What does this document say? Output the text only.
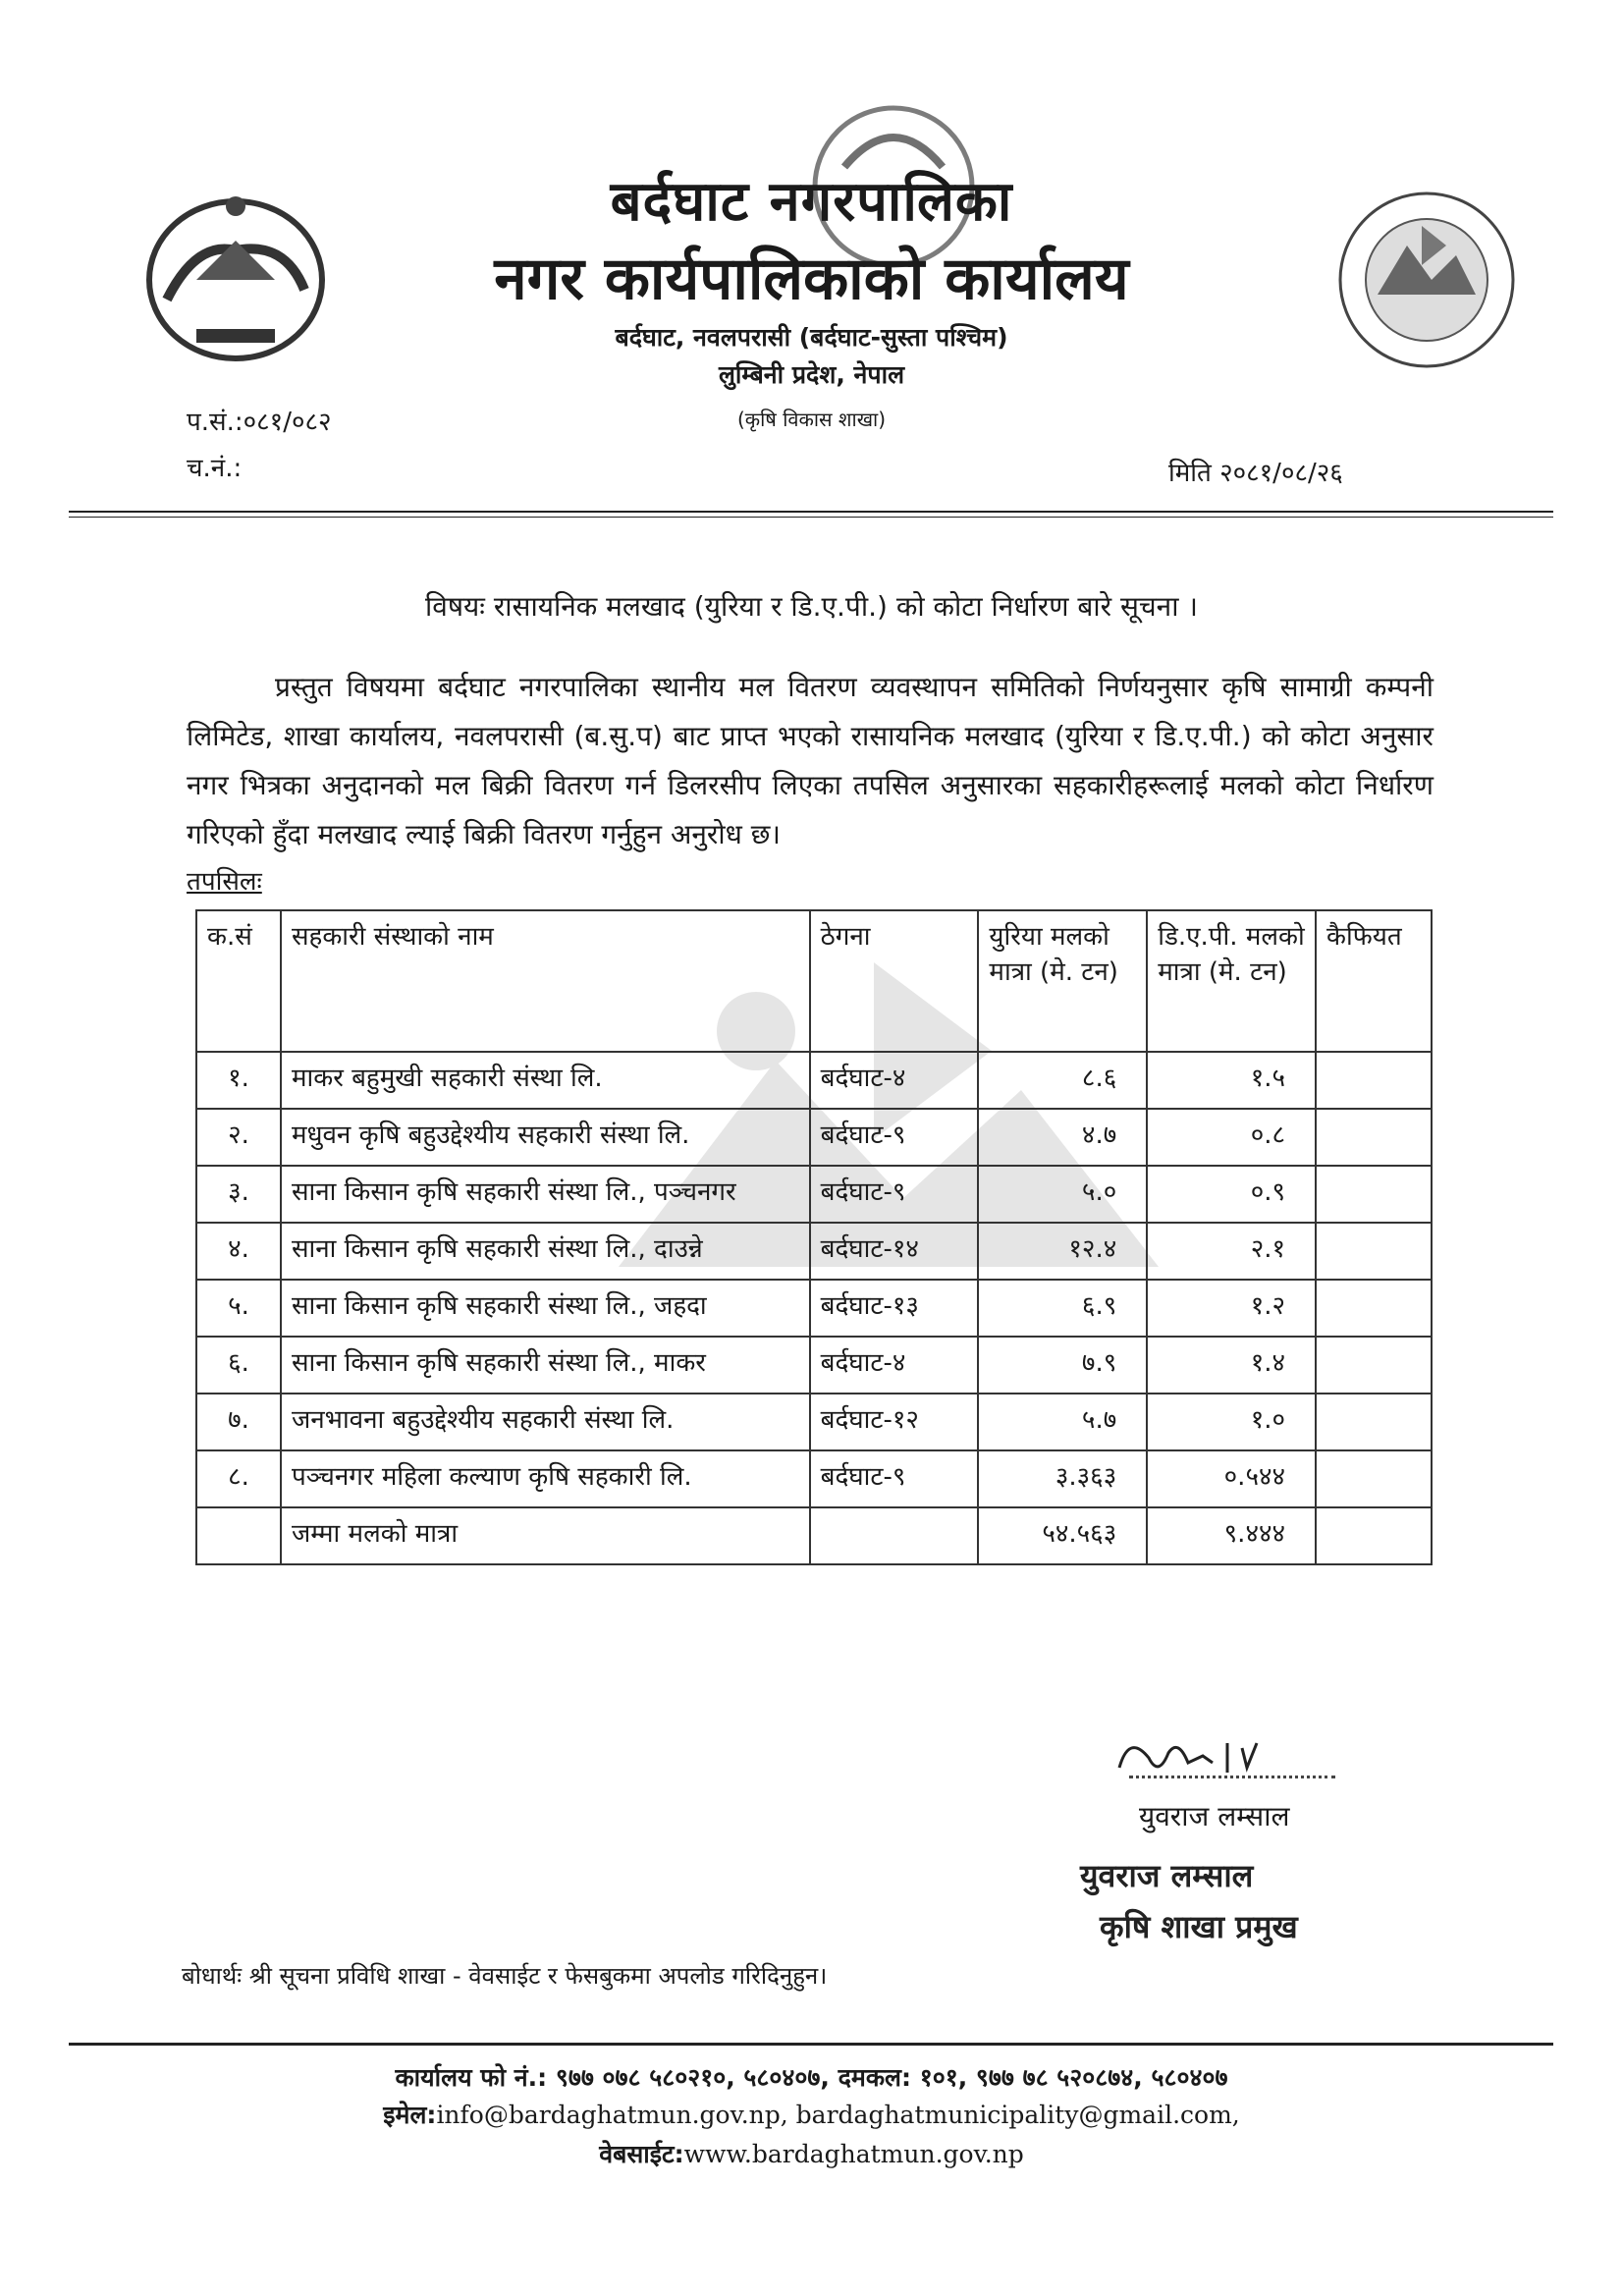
बर्दघाट नगरपालिका
नगर कार्यपालिकाको कार्यालय
बर्दघाट, नवलपरासी (बर्दघाट-सुस्ता पश्चिम)
लुम्बिनी प्रदेश, नेपाल
(कृषि विकास शाखा)
प.सं.:०८१/०८२
च.नं.:	मिति २०८१/०८/२६
विषयः रासायनिक मलखाद (युरिया र डि.ए.पी.) को कोटा निर्धारण बारे सूचना ।
प्रस्तुत विषयमा बर्दघाट नगरपालिका स्थानीय मल वितरण व्यवस्थापन समितिको निर्णयनुसार कृषि सामाग्री कम्पनी लिमिटेड, शाखा कार्यालय, नवलपरासी (ब.सु.प) बाट प्राप्त भएको रासायनिक मलखाद (युरिया र डि.ए.पी.) को कोटा अनुसार नगर भित्रका अनुदानको मल बिक्री वितरण गर्न डिलरसीप लिएका तपसिल अनुसारका सहकारीहरूलाई मलको कोटा निर्धारण गरिएको हुँदा मलखाद ल्याई बिक्री वितरण गर्नुहुन अनुरोध छ।
तपसिलः
क.सं	सहकारी संस्थाको नाम	ठेगना	युरिया मलको मात्रा (मे. टन)	डि.ए.पी. मलको मात्रा (मे. टन)	कैफियत
१.	माकर बहुमुखी सहकारी संस्था लि.	बर्दघाट-४	८.६	१.५	
२.	मधुवन कृषि बहुउद्देश्यीय सहकारी संस्था लि.	बर्दघाट-९	४.७	०.८	
३.	साना किसान कृषि सहकारी संस्था लि., पञ्चनगर	बर्दघाट-९	५.०	०.९	
४.	साना किसान कृषि सहकारी संस्था लि., दाउन्ने	बर्दघाट-१४	१२.४	२.१	
५.	साना किसान कृषि सहकारी संस्था लि., जहदा	बर्दघाट-१३	६.९	१.२	
६.	साना किसान कृषि सहकारी संस्था लि., माकर	बर्दघाट-४	७.९	१.४	
७.	जनभावना बहुउद्देश्यीय सहकारी संस्था लि.	बर्दघाट-१२	५.७	१.०	
८.	पञ्चनगर महिला कल्याण कृषि सहकारी लि.	बर्दघाट-९	३.३६३	०.५४४	
	जम्मा मलको मात्रा		५४.५६३	९.४४४	
युवराज लम्साल
युवराज लम्साल
कृषि शाखा प्रमुख
बोधार्थः श्री सूचना प्रविधि शाखा - वेवसाईट र फेसबुकमा अपलोड गरिदिनुहुन।
कार्यालय फो नं.: ९७७ ०७८ ५८०२१०, ५८०४०७, दमकल: १०१, ९७७ ७८ ५२०८७४, ५८०४०७
इमेल:info@bardaghatmun.gov.np, bardaghatmunicipality@gmail.com,
वेबसाईट:www.bardaghatmun.gov.np
